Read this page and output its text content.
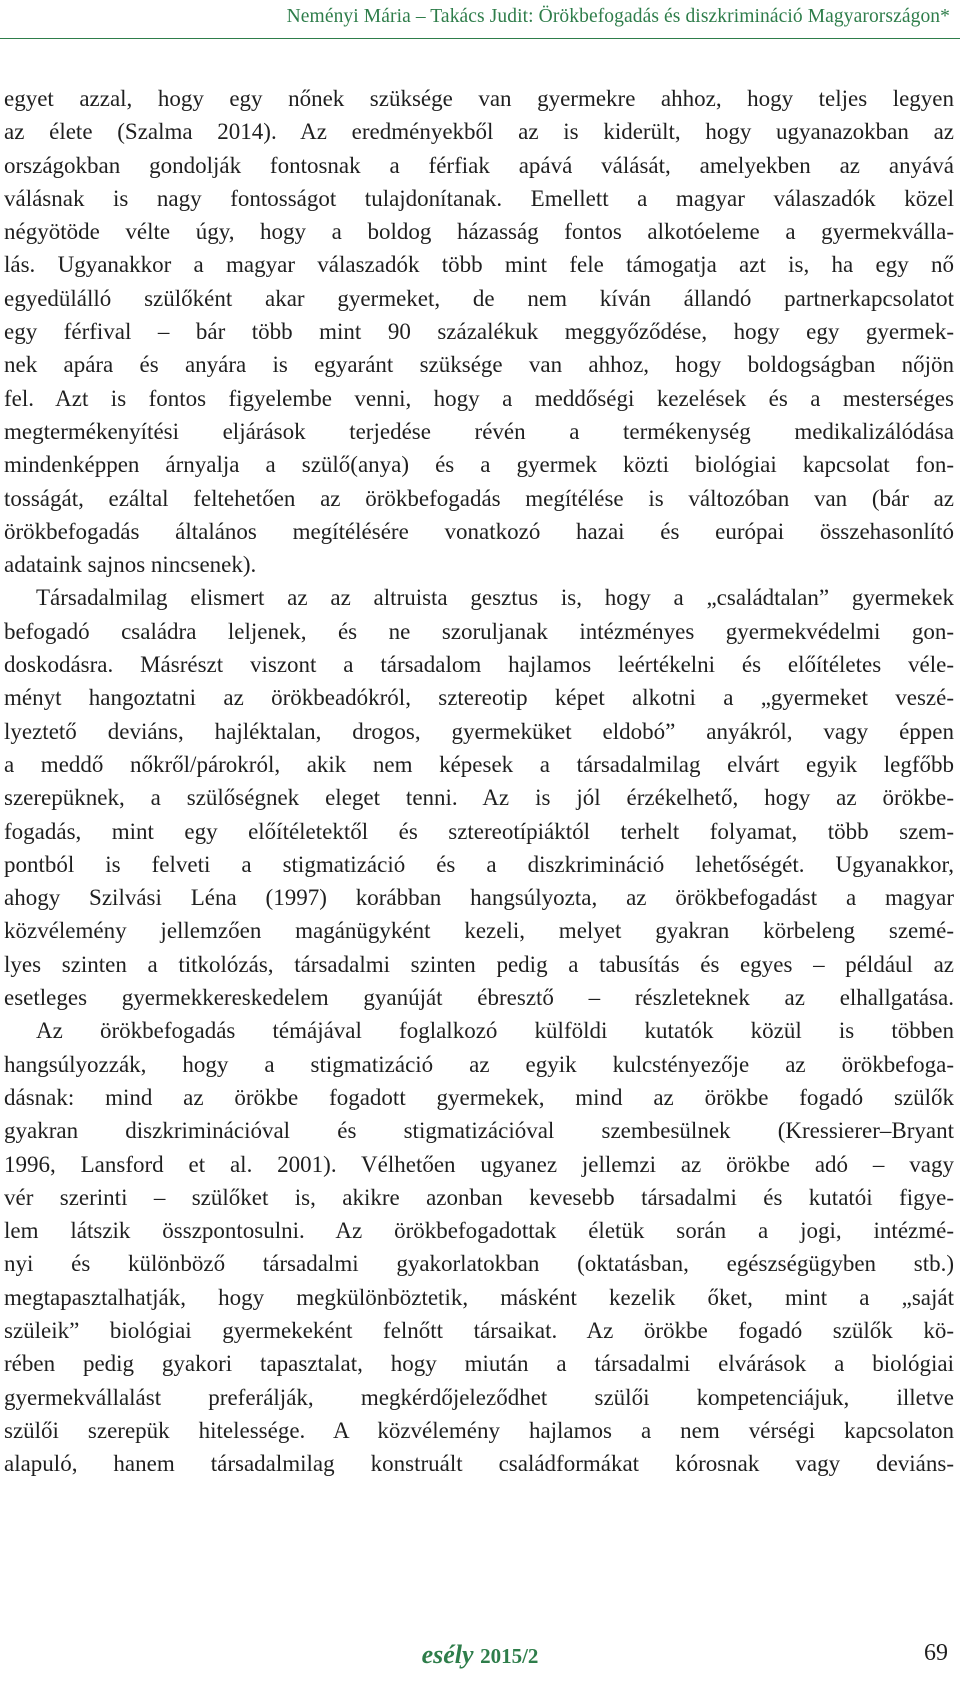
Neményi Mária – Takács Judit: Örökbefogadás és diszkrimináció Magyarországon*

egyet azzal, hogy egy nőnek szüksége van gyermekre ahhoz, hogy teljes legyen

az élete (Szalma 2014). Az eredményekből az is kiderült, hogy ugyanazokban az

országokban gondolják fontosnak a férfiak apává válását, amelyekben az anyává

válásnak is nagy fontosságot tulajdonítanak. Emellett a magyar válaszadók közel

négyötöde vélte úgy, hogy a boldog házasság fontos alkotóeleme a gyermekválla-

lás. Ugyanakkor a magyar válaszadók több mint fele támogatja azt is, ha egy nő

egyedülálló szülőként akar gyermeket, de nem kíván állandó partnerkapcsolatot

egy férfival – bár több mint 90 százalékuk meggyőződése, hogy egy gyermek-

nek apára és anyára is egyaránt szüksége van ahhoz, hogy boldogságban nőjön

fel. Azt is fontos figyelembe venni, hogy a meddőségi kezelések és a mesterséges

megtermékenyítési eljárások terjedése révén a termékenység medikalizálódása

mindenképpen árnyalja a szülő(anya) és a gyermek közti biológiai kapcsolat fon-

tosságát, ezáltal feltehetően az örökbefogadás megítélése is változóban van (bár az

örökbefogadás általános megítélésére vonatkozó hazai és európai összehasonlító

adataink sajnos nincsenek).

Társadalmilag elismert az az altruista gesztus is, hogy a „családtalan” gyermekek

befogadó családra leljenek, és ne szoruljanak intézményes gyermekvédelmi gon-

doskodásra. Másrészt viszont a társadalom hajlamos leértékelni és előítéletes véle-

ményt hangoztatni az örökbeadókról, sztereotip képet alkotni a „gyermeket veszé-

lyeztető deviáns, hajléktalan, drogos, gyermeküket eldobó” anyákról, vagy éppen

a meddő nőkről/párokról, akik nem képesek a társadalmilag elvárt egyik legfőbb

szerepüknek, a szülőségnek eleget tenni. Az is jól érzékelhető, hogy az örökbe-

fogadás, mint egy előítéletektől és sztereotípiáktól terhelt folyamat, több szem-

pontból is felveti a stigmatizáció és a diszkrimináció lehetőségét. Ugyanakkor,

ahogy Szilvási Léna (1997) korábban hangsúlyozta, az örökbefogadást a magyar

közvélemény jellemzően magánügyként kezeli, melyet gyakran körbeleng szemé-

lyes szinten a titkolózás, társadalmi szinten pedig a tabusítás és egyes – például az

esetleges gyermekkereskedelem gyanúját ébresztő – részleteknek az elhallgatása.

Az örökbefogadás témájával foglalkozó külföldi kutatók közül is többen

hangsúlyozzák, hogy a stigmatizáció az egyik kulcstényezője az örökbefoga-

dásnak: mind az örökbe fogadott gyermekek, mind az örökbe fogadó szülők

gyakran diszkriminációval és stigmatizációval szembesülnek (Kressierer–Bryant

1996, Lansford et al. 2001). Vélhetően ugyanez jellemzi az örökbe adó – vagy

vér szerinti – szülőket is, akikre azonban kevesebb társadalmi és kutatói figye-

lem látszik összpontosulni. Az örökbefogadottak életük során a jogi, intézmé-

nyi és különböző társadalmi gyakorlatokban (oktatásban, egészségügyben stb.)

megtapasztalhatják, hogy megkülönböztetik, másként kezelik őket, mint a „saját

szüleik” biológiai gyermekeként felnőtt társaikat. Az örökbe fogadó szülők kö-

rében pedig gyakori tapasztalat, hogy miután a társadalmi elvárások a biológiai

gyermekvállalást preferálják, megkérdőjeleződhet szülői kompetenciájuk, illetve

szülői szerepük hitelessége. A közvélemény hajlamos a nem vérségi kapcsolaton

alapuló, hanem társadalmilag konstruált családformákat kórosnak vagy deviáns-

esély 2015/2	69
